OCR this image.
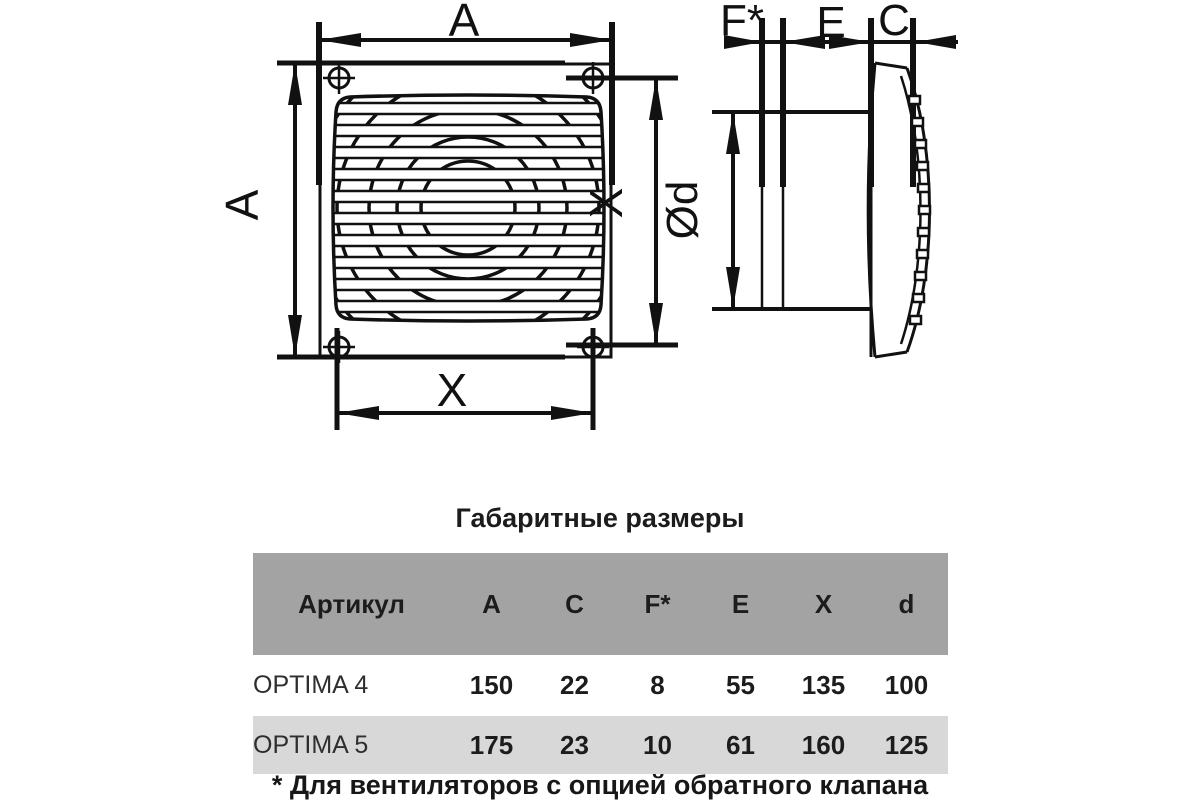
A
A	X
X
F* E C
Ød
Габаритные размеры
Артикул	A	C	F*	E	X	d
OPTIMA 4	150	22	8	55	135	100
OPTIMA 5	175	23	10	61	160	125
* Для вентиляторов с опцией обратного клапана
